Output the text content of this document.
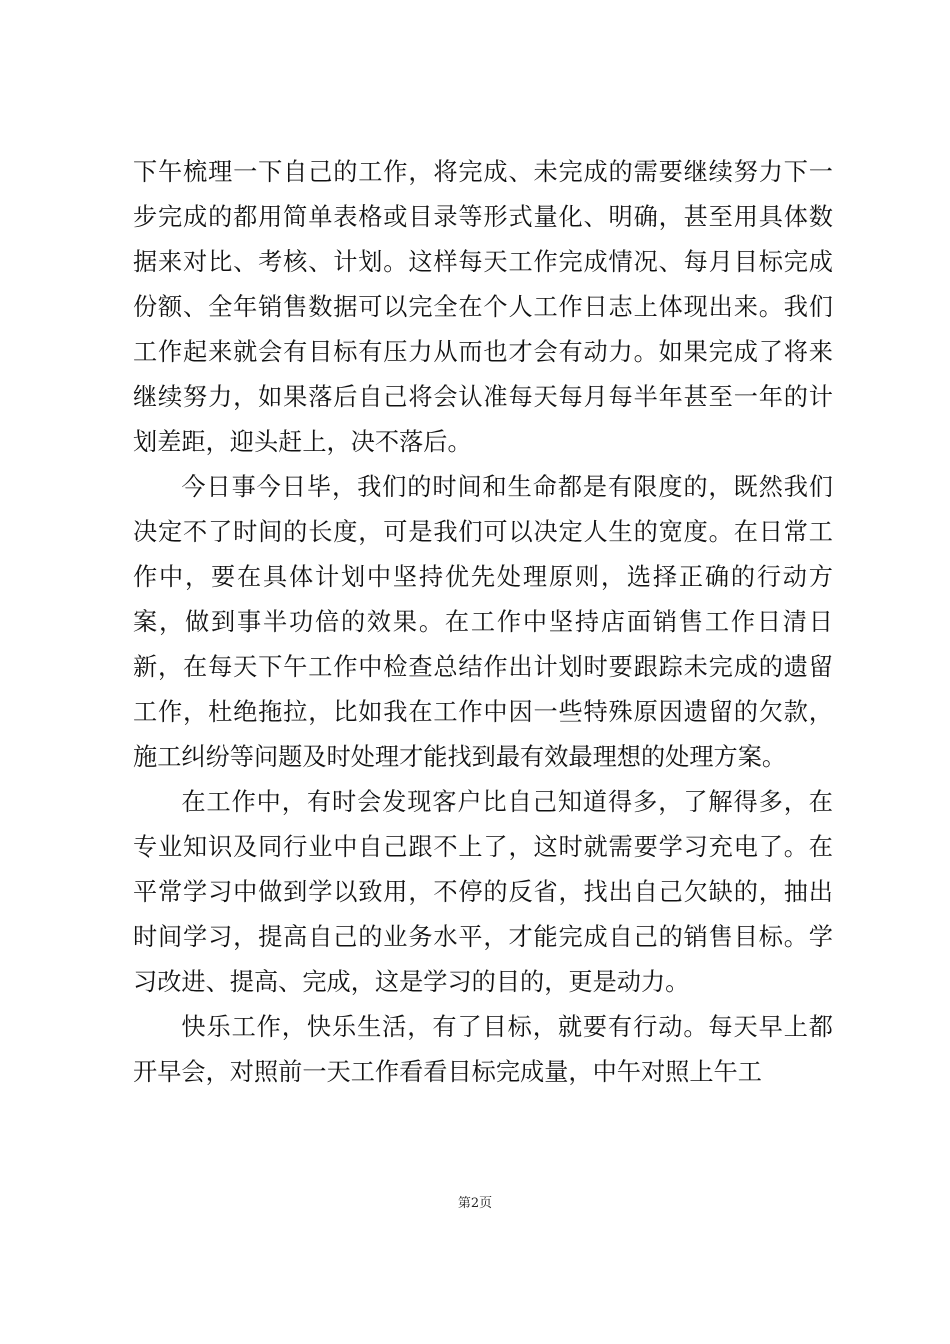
下午梳理一下自己的工作，将完成、未完成的需要继续努力下一步完成的都用简单表格或目录等形式量化、明确，甚至用具体数据来对比、考核、计划。这样每天工作完成情况、每月目标完成份额、全年销售数据可以完全在个人工作日志上体现出来。我们工作起来就会有目标有压力从而也才会有动力。如果完成了将来继续努力，如果落后自己将会认准每天每月每半年甚至一年的计划差距，迎头赶上，决不落后。

今日事今日毕，我们的时间和生命都是有限度的，既然我们决定不了时间的长度，可是我们可以决定人生的宽度。在日常工作中，要在具体计划中坚持优先处理原则，选择正确的行动方案，做到事半功倍的效果。在工作中坚持店面销售工作日清日新，在每天下午工作中检查总结作出计划时要跟踪未完成的遗留工作，杜绝拖拉，比如我在工作中因一些特殊原因遗留的欠款，施工纠纷等问题及时处理才能找到最有效最理想的处理方案。

在工作中，有时会发现客户比自己知道得多，了解得多，在专业知识及同行业中自己跟不上了，这时就需要学习充电了。在平常学习中做到学以致用，不停的反省，找出自己欠缺的，抽出时间学习，提高自己的业务水平，才能完成自己的销售目标。学习改进、提高、完成，这是学习的目的，更是动力。

快乐工作，快乐生活，有了目标，就要有行动。每天早上都开早会，对照前一天工作看看目标完成量，中午对照上午工

第2页
